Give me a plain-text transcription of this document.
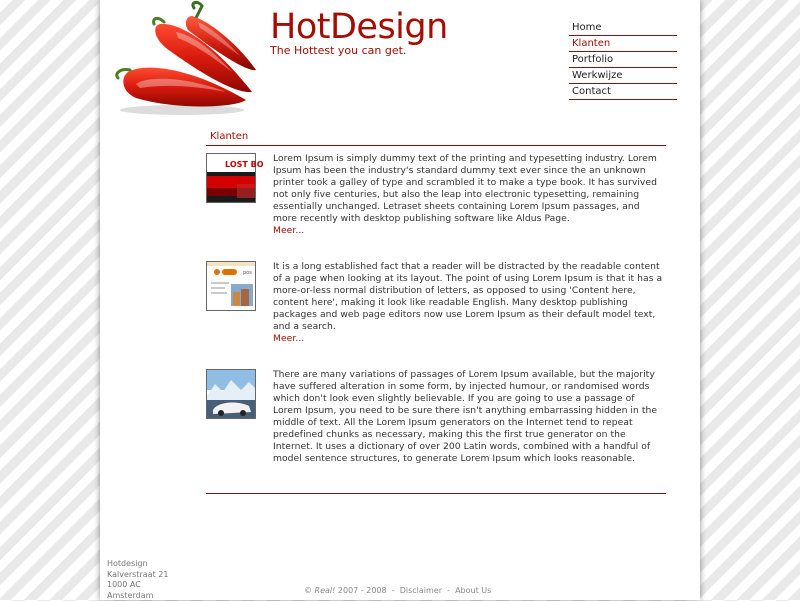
HotDesign
The Hottest you can get.
Home
Klanten
Portfolio
Werkwijze
Contact
Klanten
LOST BO
Lorem Ipsum is simply dummy text of the printing and typesetting industry. Lorem Ipsum has been the industry's standard dummy text ever since the an unknown printer took a galley of type and scrambled it to make a type book. It has survived not only five centuries, but also the leap into electronic typesetting, remaining essentially unchanged. Letraset sheets containing Lorem Ipsum passages, and more recently with desktop publishing software like Aldus Page.
Meer...
pos
It is a long established fact that a reader will be distracted by the readable content of a page when looking at its layout. The point of using Lorem Ipsum is that it has a more-or-less normal distribution of letters, as opposed to using 'Content here, content here', making it look like readable English. Many desktop publishing packages and web page editors now use Lorem Ipsum as their default model text, and a search.
Meer...
There are many variations of passages of Lorem Ipsum available, but the majority have suffered alteration in some form, by injected humour, or randomised words which don't look even slightly believable. If you are going to use a passage of Lorem Ipsum, you need to be sure there isn't anything embarrassing hidden in the middle of text. All the Lorem Ipsum generators on the Internet tend to repeat predefined chunks as necessary, making this the first true generator on the Internet. It uses a dictionary of over 200 Latin words, combined with a handful of model sentence structures, to generate Lorem Ipsum which looks reasonable.
Hotdesign
Kalverstraat 21
1000 AC
Amsterdam	© Real! 2007 - 2008 - Disclaimer - About Us
